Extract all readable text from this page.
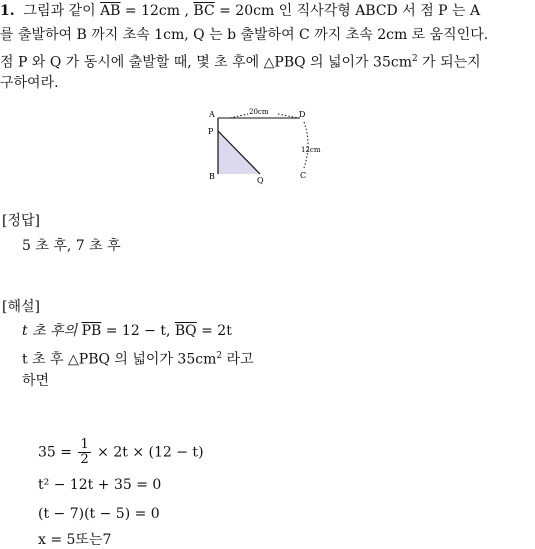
1. 그림과 같이 $\overline{AB} = 12cm$ , $\overline{BC} = 20cm$ 인 직사각형 ABCD 서 점 P 는 A
를 출발하여 B 까지 초속 1cm, Q 는 b 출발하여 C 까지 초속 2cm 로 움직인다.
점 P 와 Q 가 동시에 출발할 때, 몇 초 후에 △PBQ 의 넓이가 $35cm^2$ 가 되는지
구하여라.
A	D
P
B	Q
C
20cm
12cm
[정답]
5 초 후, 7 초 후
[해설]
t 초 후의 $\overline{PB} = 12 - t$, $\overline{BQ} = 2t$
t 초 후 △PBQ 의 넓이가 $35cm^2$ 라고
하면
$35 = \frac{1}{2} \times 2t \times (12 - t)$
t² − 12t + 35 = 0
(t − 7)(t − 5) = 0
x = 5또는7
